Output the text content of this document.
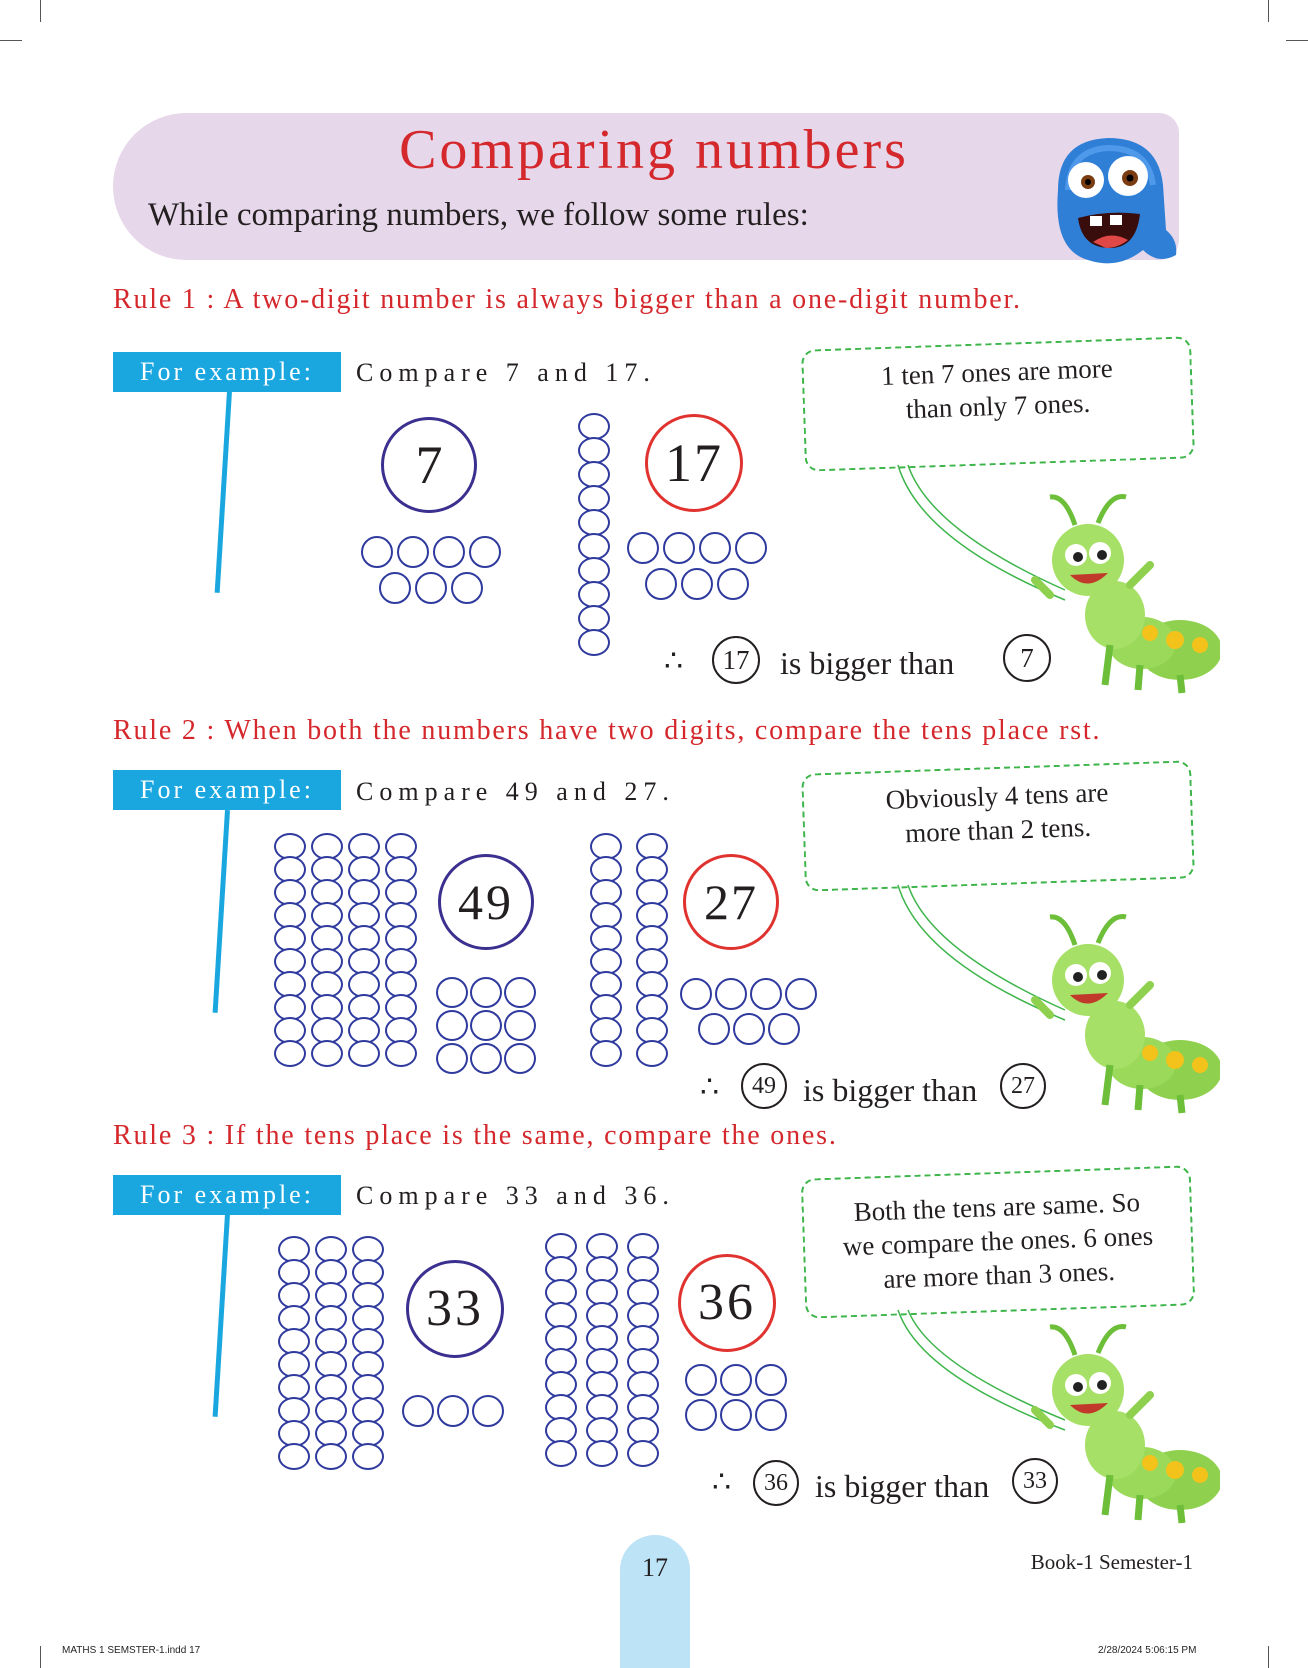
Comparing numbers
While comparing numbers, we follow some rules:
Rule 1 : A two-digit number is always bigger than a one-digit number.
For example:	Compare 7 and 17.	1 ten 7 ones are more
than only 7 ones.
7	17
∴	17 is bigger than	7
Rule 2 : When both the numbers have two digits, compare the tens place rst.
For example:	Compare 49 and 27.	Obviously 4 tens are
more than 2 tens.
49	27
∴	49 is bigger than	27
Rule 3 : If the tens place is the same, compare the ones.
For example:	Compare 33 and 36.	Both the tens are same. So
we compare the ones. 6 ones
are more than 3 ones.
33	36
∴	36 is bigger than	33
17	Book-1 Semester-1
MATHS 1 SEMSTER-1.indd 17	2/28/2024 5:06:15 PM
